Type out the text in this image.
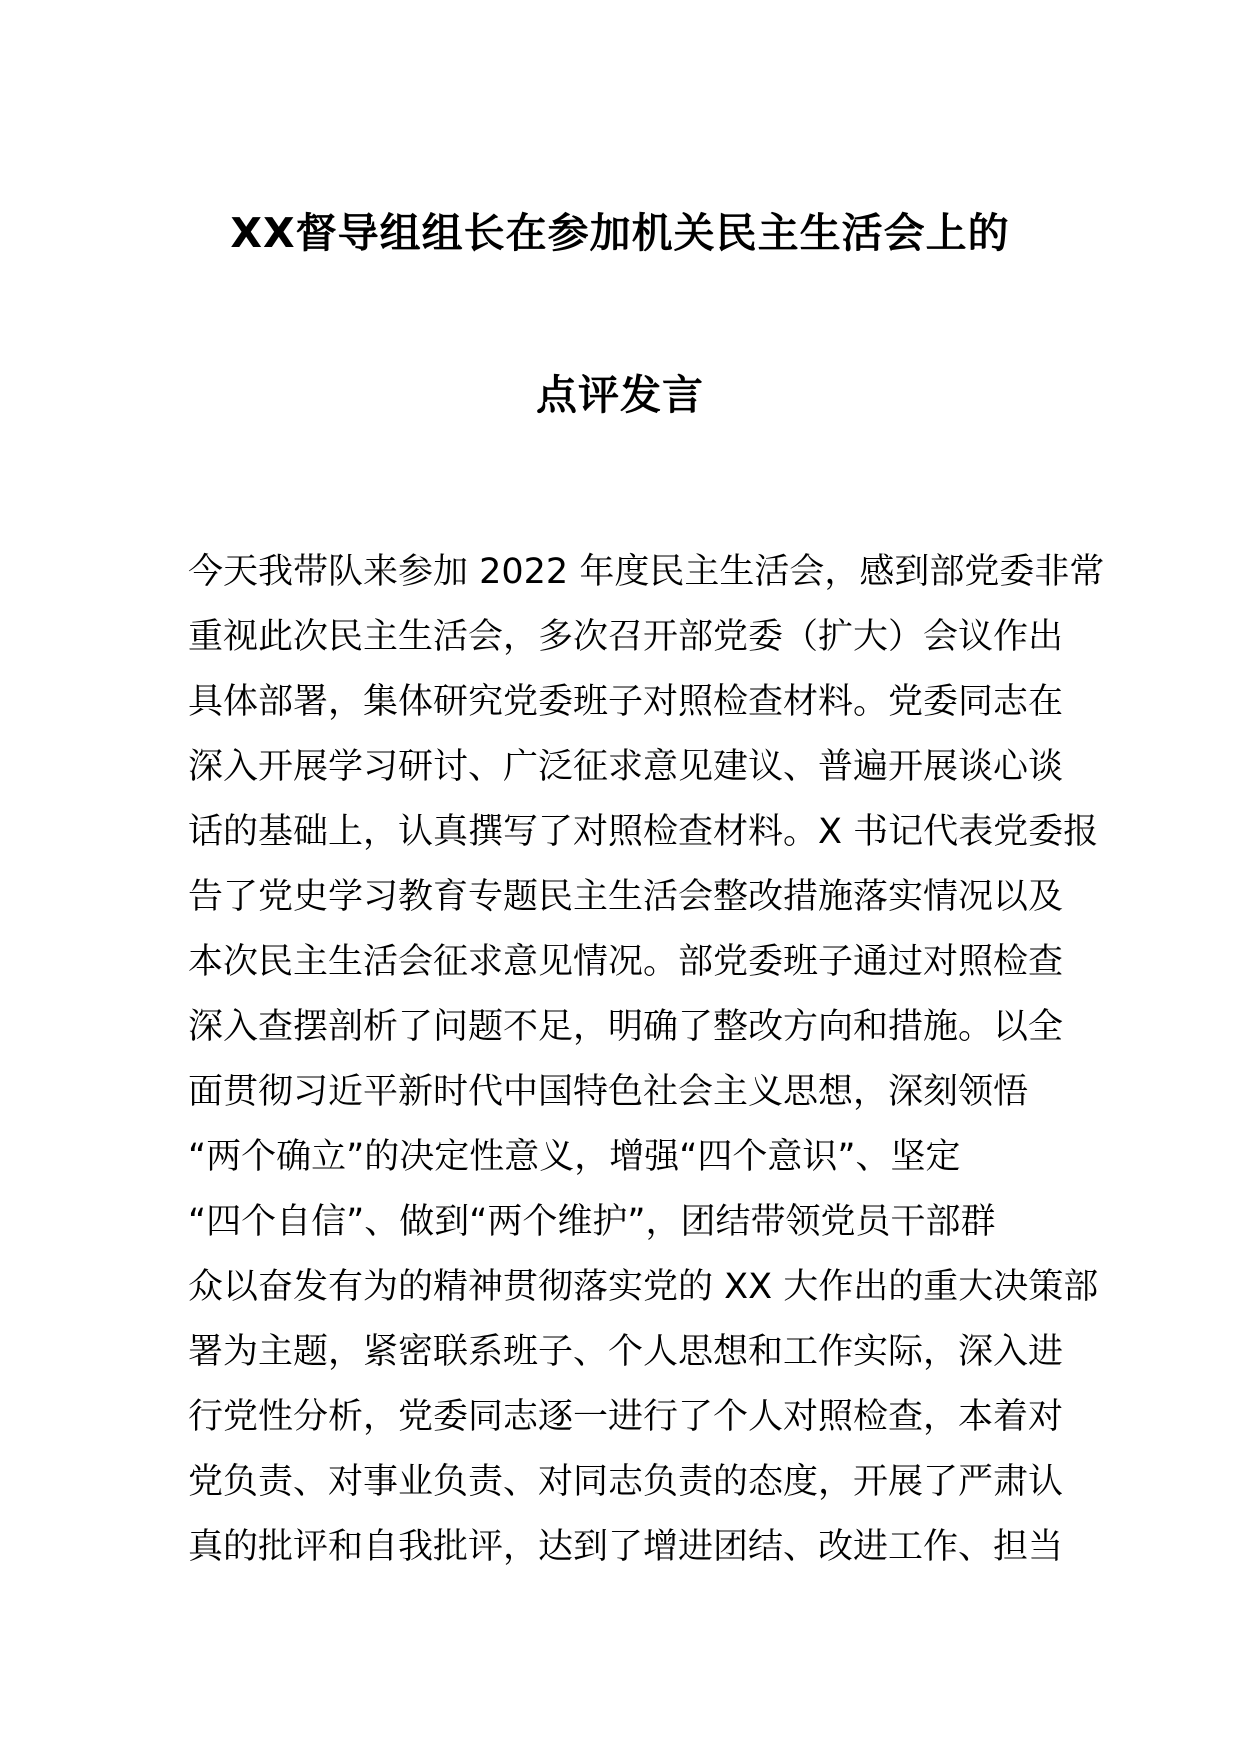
XX督导组组长在参加机关民主生活会上的
点评发言
今天我带队来参加 2022 年度民主生活会，感到部党委非常
重视此次民主生活会，多次召开部党委（扩大）会议作出
具体部署，集体研究党委班子对照检查材料。党委同志在
深入开展学习研讨、广泛征求意见建议、普遍开展谈心谈
话的基础上，认真撰写了对照检查材料。X 书记代表党委报
告了党史学习教育专题民主生活会整改措施落实情况以及
本次民主生活会征求意见情况。部党委班子通过对照检查
深入查摆剖析了问题不足，明确了整改方向和措施。以全
面贯彻习近平新时代中国特色社会主义思想，深刻领悟
“两个确立”的决定性意义，增强“四个意识”、坚定
“四个自信”、做到“两个维护”，团结带领党员干部群
众以奋发有为的精神贯彻落实党的 XX 大作出的重大决策部
署为主题，紧密联系班子、个人思想和工作实际，深入进
行党性分析，党委同志逐一进行了个人对照检查，本着对
党负责、对事业负责、对同志负责的态度，开展了严肃认
真的批评和自我批评，达到了增进团结、改进工作、担当
